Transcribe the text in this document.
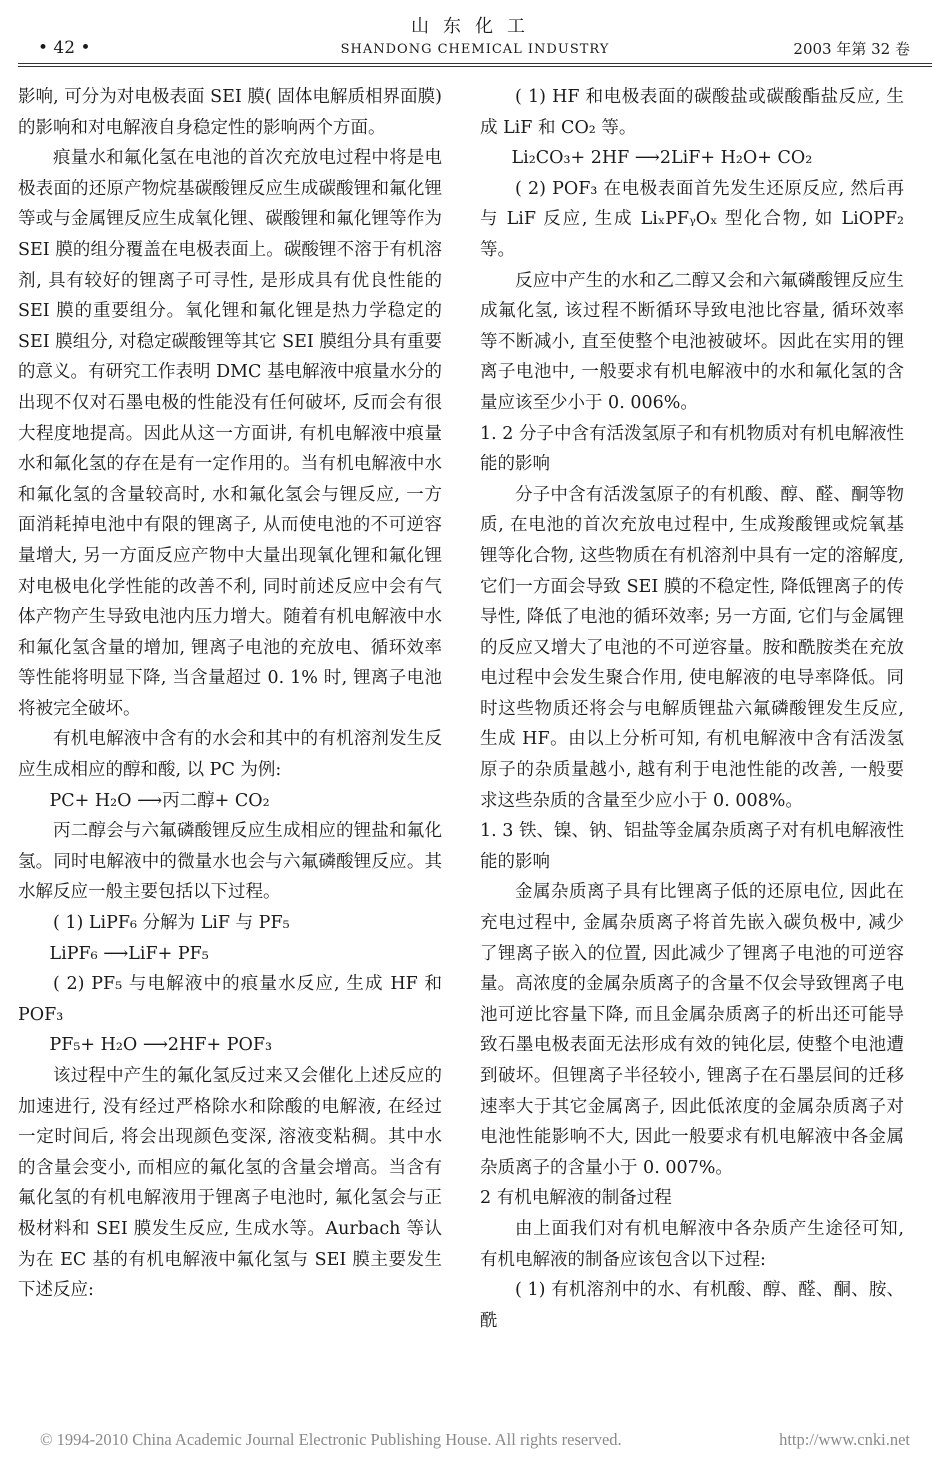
• 42 •
山东化工
SHANDONG CHEMICAL INDUSTRY	2003 年第 32 卷

影响, 可分为对电极表面 SEI 膜( 固体电解质相界面膜) 的影响和对电解液自身稳定性的影响两个方面。

痕量水和氟化氢在电池的首次充放电过程中将是电极表面的还原产物烷基碳酸锂反应生成碳酸锂和氟化锂等或与金属锂反应生成氧化锂、碳酸锂和氟化锂等作为 SEI 膜的组分覆盖在电极表面上。碳酸锂不溶于有机溶剂, 具有较好的锂离子可寻性, 是形成具有优良性能的 SEI 膜的重要组分。氧化锂和氟化锂是热力学稳定的 SEI 膜组分, 对稳定碳酸锂等其它 SEI 膜组分具有重要的意义。有研究工作表明 DMC 基电解液中痕量水分的出现不仅对石墨电极的性能没有任何破坏, 反而会有很大程度地提高。因此从这一方面讲, 有机电解液中痕量水和氟化氢的存在是有一定作用的。当有机电解液中水和氟化氢的含量较高时, 水和氟化氢会与锂反应, 一方面消耗掉电池中有限的锂离子, 从而使电池的不可逆容量增大, 另一方面反应产物中大量出现氧化锂和氟化锂对电极电化学性能的改善不利, 同时前述反应中会有气体产物产生导致电池内压力增大。随着有机电解液中水和氟化氢含量的增加, 锂离子电池的充放电、循环效率等性能将明显下降, 当含量超过 0. 1% 时, 锂离子电池将被完全破坏。

有机电解液中含有的水会和其中的有机溶剂发生反应生成相应的醇和酸, 以 PC 为例:

PC+ H₂O ⟶丙二醇+ CO₂

丙二醇会与六氟磷酸锂反应生成相应的锂盐和氟化氢。同时电解液中的微量水也会与六氟磷酸锂反应。其水解反应一般主要包括以下过程。

( 1) LiPF₆ 分解为 LiF 与 PF₅

LiPF₆ ⟶LiF+ PF₅

( 2) PF₅ 与电解液中的痕量水反应, 生成 HF 和 POF₃

PF₅+ H₂O ⟶2HF+ POF₃

该过程中产生的氟化氢反过来又会催化上述反应的加速进行, 没有经过严格除水和除酸的电解液, 在经过一定时间后, 将会出现颜色变深, 溶液变粘稠。其中水的含量会变小, 而相应的氟化氢的含量会增高。当含有氟化氢的有机电解液用于锂离子电池时, 氟化氢会与正极材料和 SEI 膜发生反应, 生成水等。Aurbach 等认为在 EC 基的有机电解液中氟化氢与 SEI 膜主要发生下述反应:

( 1) HF 和电极表面的碳酸盐或碳酸酯盐反应, 生成 LiF 和 CO₂ 等。

Li₂CO₃+ 2HF ⟶2LiF+ H₂O+ CO₂

( 2) POF₃ 在电极表面首先发生还原反应, 然后再与 LiF 反应, 生成 LiₓPFᵧOₓ 型化合物, 如 LiOPF₂ 等。

反应中产生的水和乙二醇又会和六氟磷酸锂反应生成氟化氢, 该过程不断循环导致电池比容量, 循环效率等不断减小, 直至使整个电池被破坏。因此在实用的锂离子电池中, 一般要求有机电解液中的水和氟化氢的含量应该至少小于 0. 006%。

1. 2 分子中含有活泼氢原子和有机物质对有机电解液性能的影响

分子中含有活泼氢原子的有机酸、醇、醛、酮等物质, 在电池的首次充放电过程中, 生成羧酸锂或烷氧基锂等化合物, 这些物质在有机溶剂中具有一定的溶解度, 它们一方面会导致 SEI 膜的不稳定性, 降低锂离子的传导性, 降低了电池的循环效率; 另一方面, 它们与金属锂的反应又增大了电池的不可逆容量。胺和酰胺类在充放电过程中会发生聚合作用, 使电解液的电导率降低。同时这些物质还将会与电解质锂盐六氟磷酸锂发生反应, 生成 HF。由以上分析可知, 有机电解液中含有活泼氢原子的杂质量越小, 越有利于电池性能的改善, 一般要求这些杂质的含量至少应小于 0. 008%。

1. 3 铁、镍、钠、铝盐等金属杂质离子对有机电解液性能的影响

金属杂质离子具有比锂离子低的还原电位, 因此在充电过程中, 金属杂质离子将首先嵌入碳负极中, 减少了锂离子嵌入的位置, 因此减少了锂离子电池的可逆容量。高浓度的金属杂质离子的含量不仅会导致锂离子电池可逆比容量下降, 而且金属杂质离子的析出还可能导致石墨电极表面无法形成有效的钝化层, 使整个电池遭到破坏。但锂离子半径较小, 锂离子在石墨层间的迁移速率大于其它金属离子, 因此低浓度的金属杂质离子对电池性能影响不大, 因此一般要求有机电解液中各金属杂质离子的含量小于 0. 007%。

2 有机电解液的制备过程

由上面我们对有机电解液中各杂质产生途径可知, 有机电解液的制备应该包含以下过程:

( 1) 有机溶剂中的水、有机酸、醇、醛、酮、胺、酰

© 1994-2010 China Academic Journal Electronic Publishing House. All rights reserved.	http://www.cnki.net
